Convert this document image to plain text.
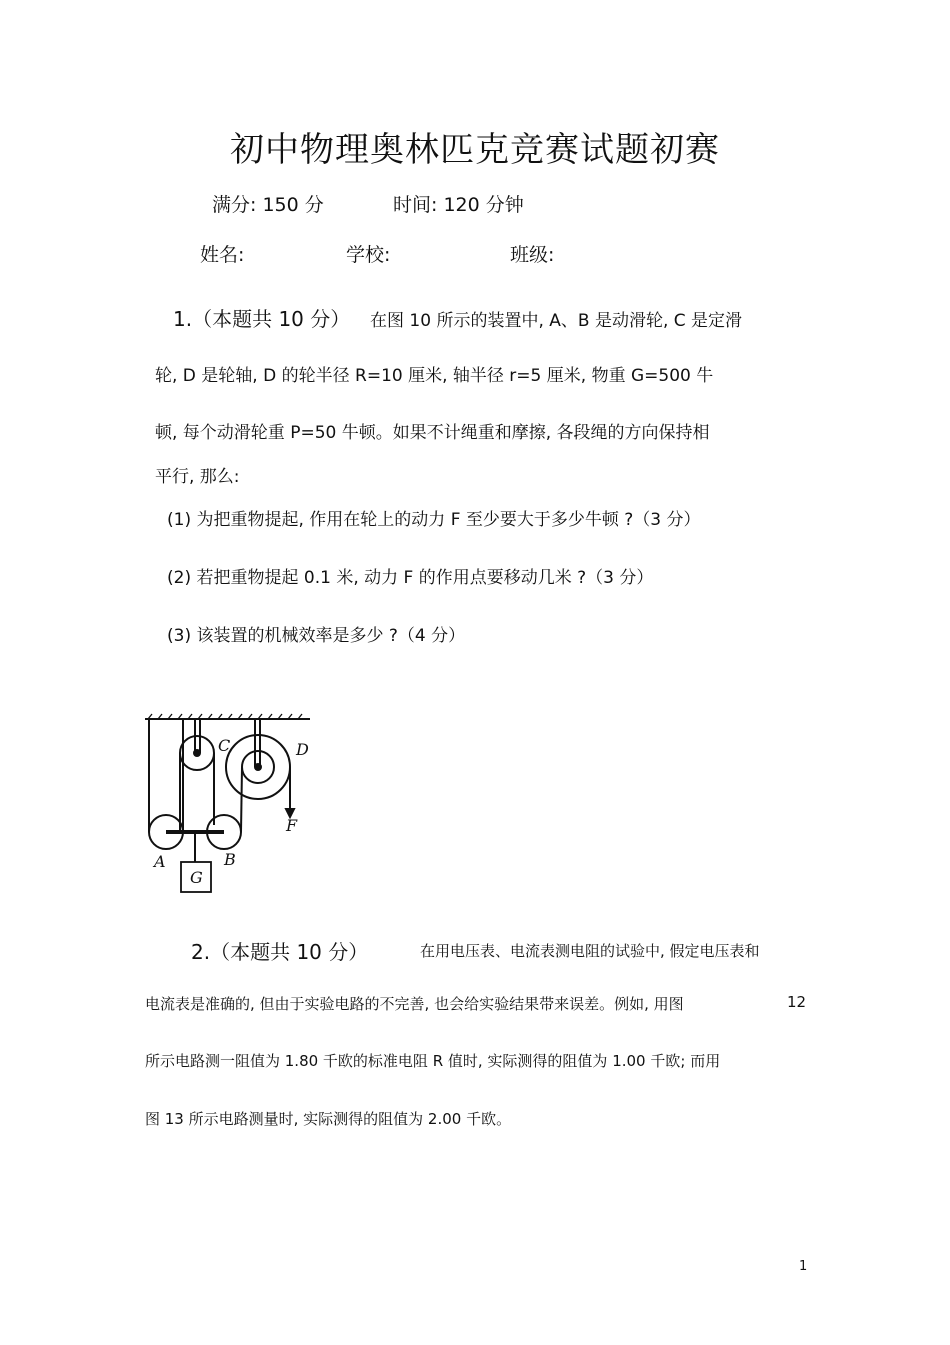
初中物理奥林匹克竞赛试题初赛
满分: 150 分	时间: 120 分钟
姓名:	学校:	班级:
1.（本题共 10 分） 在图 10 所示的装置中, A、B 是动滑轮, C 是定滑
轮, D 是轮轴, D 的轮半径 R=10 厘米, 轴半径 r=5 厘米, 物重 G=500 牛
顿, 每个动滑轮重 P=50 牛顿。如果不计绳重和摩擦, 各段绳的方向保持相
平行, 那么:
(1) 为把重物提起, 作用在轮上的动力 F 至少要大于多少牛顿 ?（3 分）
(2) 若把重物提起 0.1 米, 动力 F 的作用点要移动几米 ?（3 分）
(3) 该装置的机械效率是多少 ?（4 分）
C	D
F
A	B
G
2.（本题共 10 分）	在用电压表、电流表测电阻的试验中, 假定电压表和
电流表是准确的, 但由于实验电路的不完善, 也会给实验结果带来误差。例如, 用图	12
所示电路测一阻值为 1.80 千欧的标准电阻 R 值时, 实际测得的阻值为 1.00 千欧; 而用
图 13 所示电路测量时, 实际测得的阻值为 2.00 千欧。
1
